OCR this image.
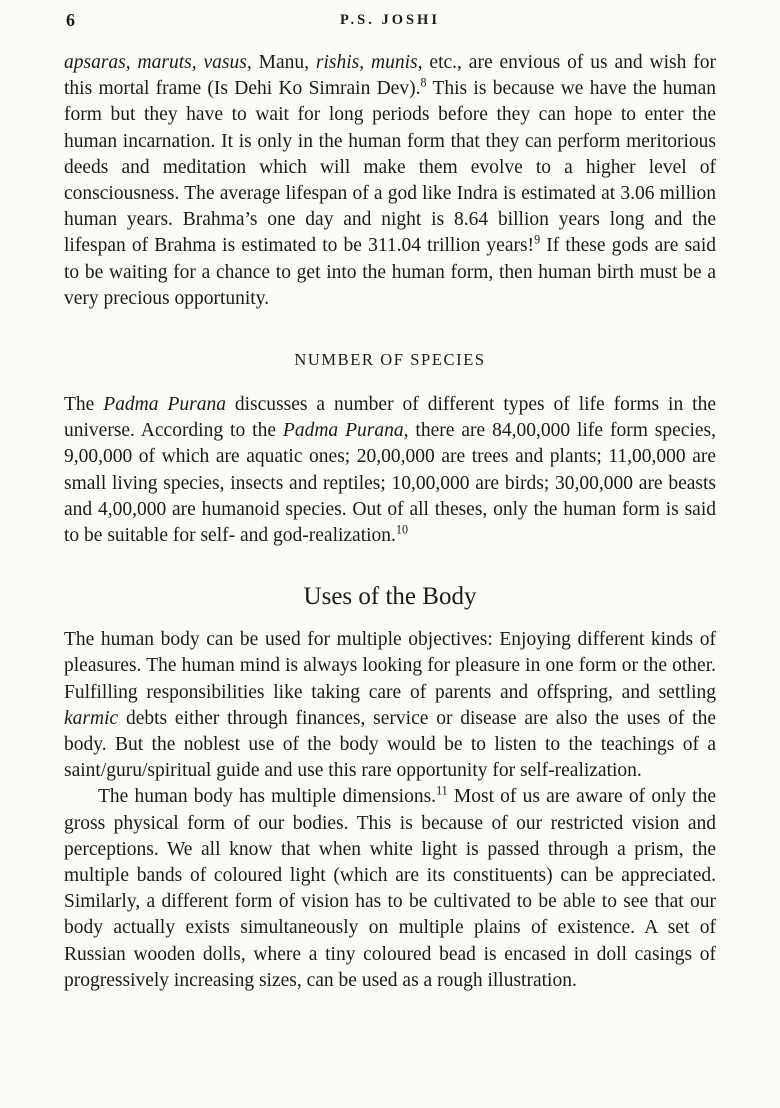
6	P.S. JOSHI

apsaras, maruts, vasus, Manu, rishis, munis, etc., are envious of us and wish for this mortal frame (Is Dehi Ko Simrain Dev).$^8$ This is because we have the human form but they have to wait for long periods before they can hope to enter the human incarnation. It is only in the human form that they can perform meritorious deeds and meditation which will make them evolve to a higher level of consciousness. The average lifespan of a god like Indra is estimated at 3.06 million human years. Brahma’s one day and night is 8.64 billion years long and the lifespan of Brahma is estimated to be 311.04 trillion years!$^9$ If these gods are said to be waiting for a chance to get into the human form, then human birth must be a very precious opportunity.

NUMBER OF SPECIES

The Padma Purana discusses a number of different types of life forms in the universe. According to the Padma Purana, there are 84,00,000 life form species, 9,00,000 of which are aquatic ones; 20,00,000 are trees and plants; 11,00,000 are small living species, insects and reptiles; 10,00,000 are birds; 30,00,000 are beasts and 4,00,000 are humanoid species. Out of all theses, only the human form is said to be suitable for self- and god-realization.$^{10}$

Uses of the Body

The human body can be used for multiple objectives: Enjoying different kinds of pleasures. The human mind is always looking for pleasure in one form or the other. Fulfilling responsibilities like taking care of parents and offspring, and settling karmic debts either through finances, service or disease are also the uses of the body. But the noblest use of the body would be to listen to the teachings of a saint/guru/spiritual guide and use this rare opportunity for self-realization.

The human body has multiple dimensions.$^{11}$ Most of us are aware of only the gross physical form of our bodies. This is because of our restricted vision and perceptions. We all know that when white light is passed through a prism, the multiple bands of coloured light (which are its constituents) can be appreciated. Similarly, a different form of vision has to be cultivated to be able to see that our body actually exists simultaneously on multiple plains of existence. A set of Russian wooden dolls, where a tiny coloured bead is encased in doll casings of progressively increasing sizes, can be used as a rough illustration.
